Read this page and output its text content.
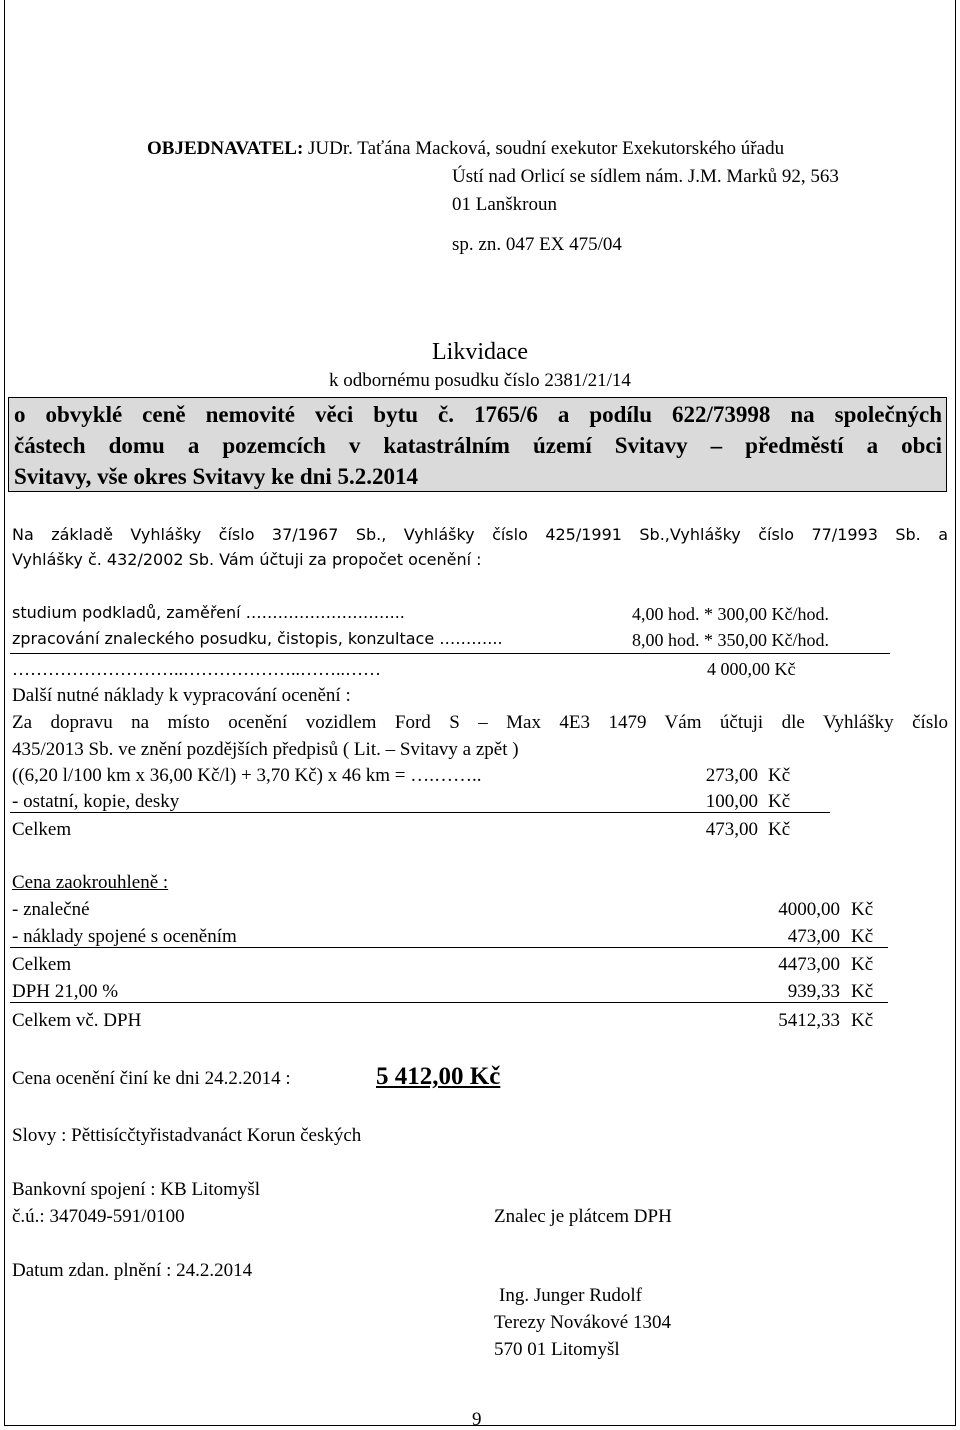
OBJEDNAVATEL: JUDr. Taťána Macková, soudní exekutor Exekutorského úřadu
Ústí nad Orlicí se sídlem nám. J.M. Marků 92, 563
01 Lanškroun
sp. zn. 047 EX 475/04
Likvidace
k odbornému posudku číslo 2381/21/14
o obvyklé ceně nemovité věci bytu č. 1765/6 a podílu 622/73998 na společných
částech domu a pozemcích v katastrálním území Svitavy – předměstí a obci
Svitavy, vše okres Svitavy ke dni 5.2.2014
Na základě Vyhlášky číslo 37/1967 Sb., Vyhlášky číslo 425/1991 Sb.,Vyhlášky číslo 77/1993 Sb. a
Vyhlášky č. 432/2002 Sb. Vám účtuji za propočet ocenění :
studium podkladů, zaměření ………………………...	4,00 hod. * 300,00 Kč/hod.
zpracování znaleckého posudku, čistopis, konzultace ………...	8,00 hod. * 350,00 Kč/hod.
………………………..………………..……..……	4 000,00 Kč
Další nutné náklady k vypracování ocenění :
Za dopravu na místo ocenění vozidlem Ford S – Max 4E3 1479 Vám účtuji dle Vyhlášky číslo
435/2013 Sb. ve znění pozdějších předpisů ( Lit. – Svitavy a zpět )
((6,20 l/100 km x 36,00 Kč/l) + 3,70 Kč) x 46 km = ….……..	273,00 Kč
- ostatní, kopie, desky	100,00 Kč
Celkem	473,00 Kč
Cena zaokrouhleně :
- znalečné	4000,00 Kč
- náklady spojené s oceněním	473,00 Kč
Celkem	4473,00 Kč
DPH 21,00 %	939,33 Kč
Celkem vč. DPH	5412,33 Kč
Cena ocenění činí ke dni 24.2.2014 :	5 412,00 Kč
Slovy : Pěttisícčtyřistadvanáct Korun českých
Bankovní spojení : KB Litomyšl
č.ú.: 347049-591/0100	Znalec je plátcem DPH
Datum zdan. plnění : 24.2.2014
Ing. Junger Rudolf
Terezy Novákové 1304
570 01 Litomyšl
9
